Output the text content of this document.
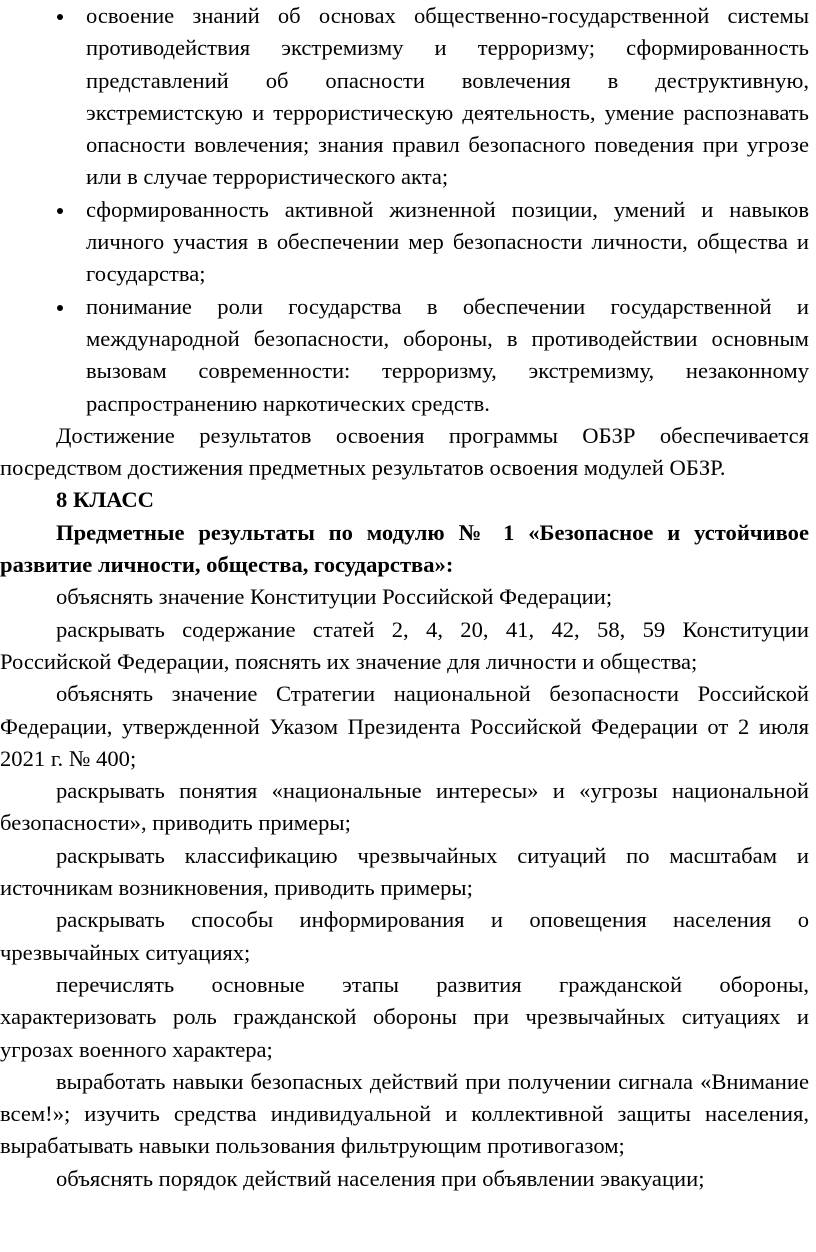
освоение знаний об основах общественно-государственной системы противодействия экстремизму и терроризму; сформированность представлений об опасности вовлечения в деструктивную, экстремистскую и террористическую деятельность, умение распознавать опасности вовлечения; знания правил безопасного поведения при угрозе или в случае террористического акта;
сформированность активной жизненной позиции, умений и навыков личного участия в обеспечении мер безопасности личности, общества и государства;
понимание роли государства в обеспечении государственной и международной безопасности, обороны, в противодействии основным вызовам современности: терроризму, экстремизму, незаконному распространению наркотических средств.

Достижение результатов освоения программы ОБЗР обеспечивается посредством достижения предметных результатов освоения модулей ОБЗР.

8 КЛАСС

Предметные результаты по модулю № 1 «Безопасное и устойчивое развитие личности, общества, государства»:

объяснять значение Конституции Российской Федерации;

раскрывать содержание статей 2, 4, 20, 41, 42, 58, 59 Конституции Российской Федерации, пояснять их значение для личности и общества;

объяснять значение Стратегии национальной безопасности Российской Федерации, утвержденной Указом Президента Российской Федерации от 2 июля 2021 г. № 400;

раскрывать понятия «национальные интересы» и «угрозы национальной безопасности», приводить примеры;

раскрывать классификацию чрезвычайных ситуаций по масштабам и источникам возникновения, приводить примеры;

раскрывать способы информирования и оповещения населения о чрезвычайных ситуациях;

перечислять основные этапы развития гражданской обороны, характеризовать роль гражданской обороны при чрезвычайных ситуациях и угрозах военного характера;

выработать навыки безопасных действий при получении сигнала «Внимание всем!»; изучить средства индивидуальной и коллективной защиты населения, вырабатывать навыки пользования фильтрующим противогазом;

объяснять порядок действий населения при объявлении эвакуации;
